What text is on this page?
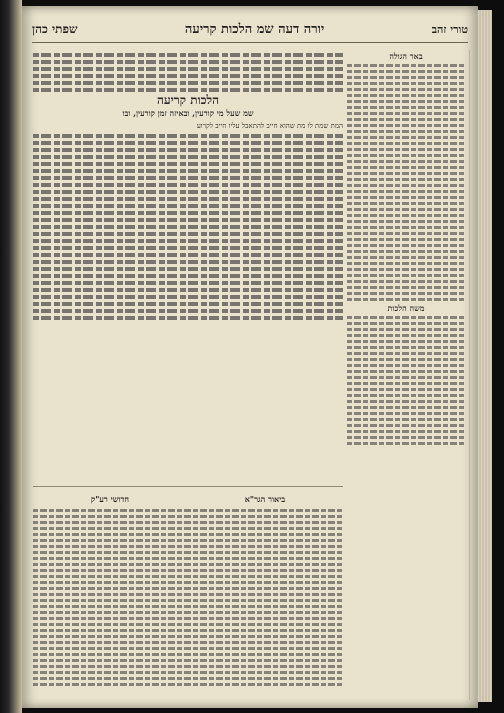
טורי זהב
יורה דעה שמ הלכות קריעה
שפתי כהן
הלכות קריעה
שמ שעל מי קורעין, ובאיזה זמן קורעין, ובו
המת שמת לו מת שהוא חייב להתאבל עליו חייב לקרוע
באר הגולה
משה הלכות
ביאור הגר"א
חדושי רע"ק
